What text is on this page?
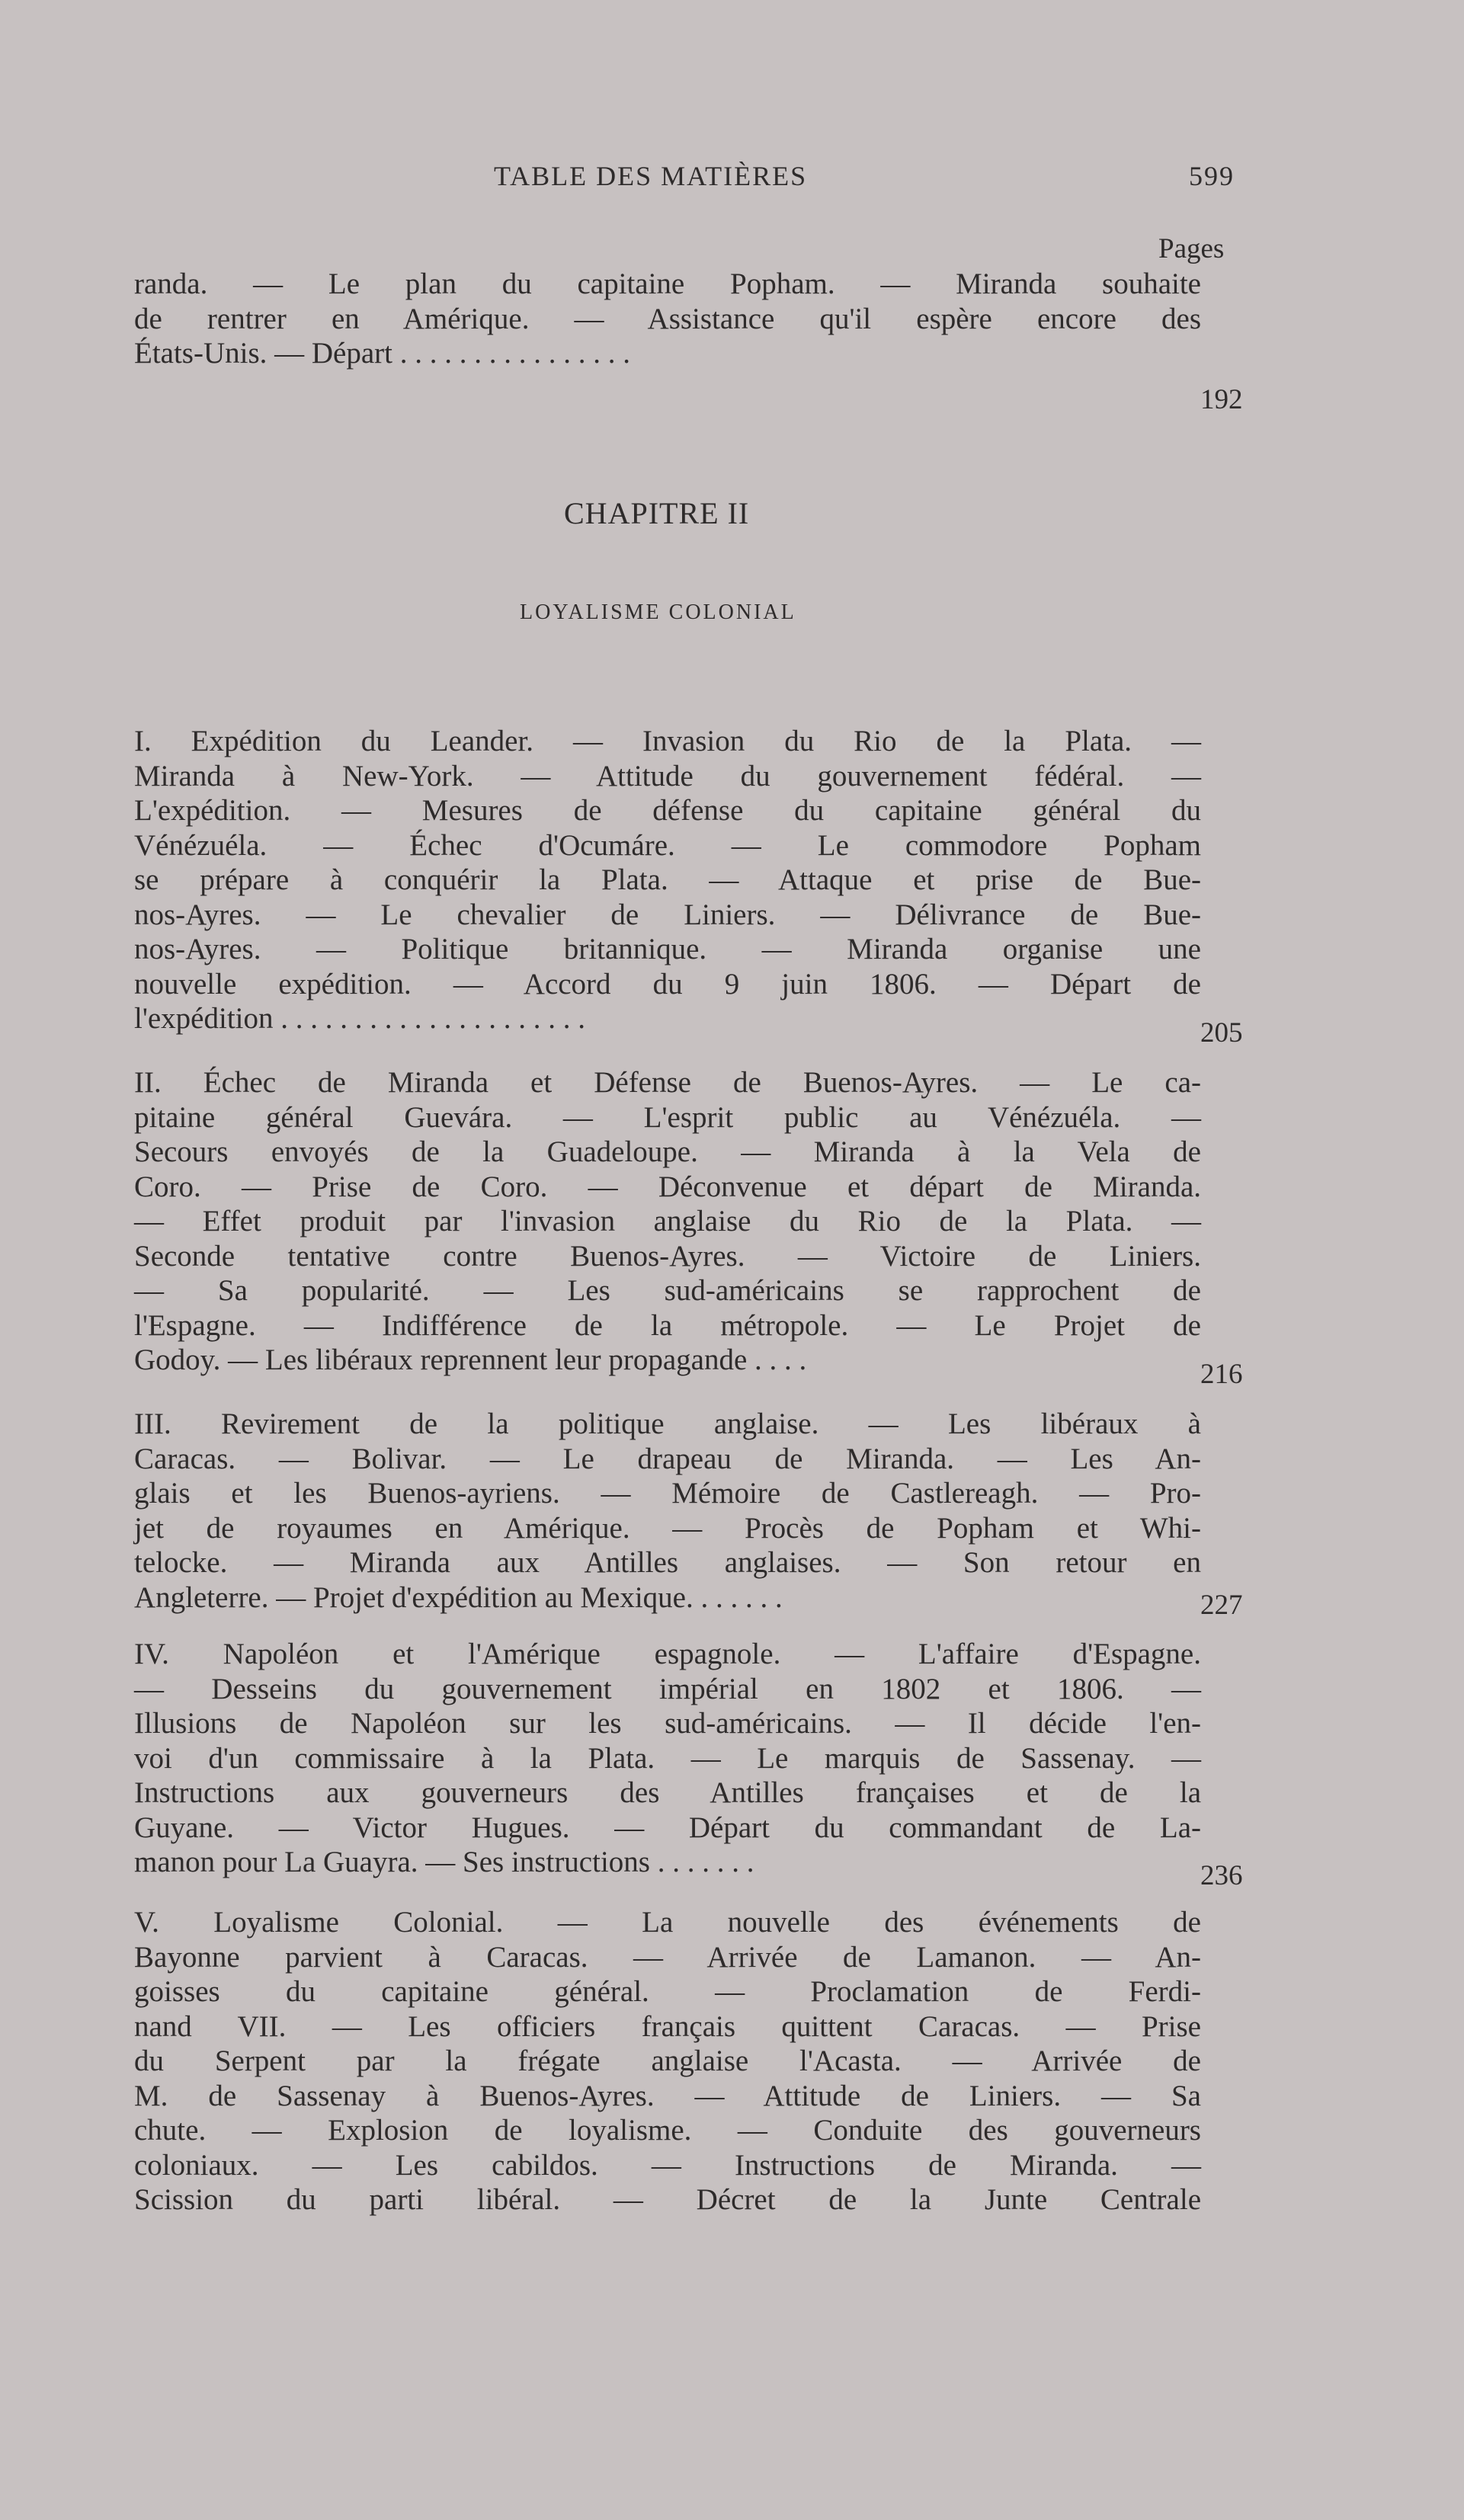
TABLE DES MATIÈRES	599
Pages
randa. — Le plan du capitaine Popham. — Miranda souhaite
de rentrer en Amérique. — Assistance qu'il espère encore des
États-Unis. — Départ . . . . . . . . . . . . . . . .
192
CHAPITRE II
LOYALISME COLONIAL
I. Expédition du Leander. — Invasion du Rio de la Plata. —
Miranda à New-York. — Attitude du gouvernement fédéral. —
L'expédition. — Mesures de défense du capitaine général du
Vénézuéla. — Échec d'Ocumáre. — Le commodore Popham
se prépare à conquérir la Plata. — Attaque et prise de Bue-
nos-Ayres. — Le chevalier de Liniers. — Délivrance de Bue-
nos-Ayres. — Politique britannique. — Miranda organise une
nouvelle expédition. — Accord du 9 juin 1806. — Départ de
l'expédition . . . . . . . . . . . . . . . . . . . . .	205
II. Échec de Miranda et Défense de Buenos-Ayres. — Le ca-
pitaine général Guevára. — L'esprit public au Vénézuéla. —
Secours envoyés de la Guadeloupe. — Miranda à la Vela de
Coro. — Prise de Coro. — Déconvenue et départ de Miranda.
— Effet produit par l'invasion anglaise du Rio de la Plata. —
Seconde tentative contre Buenos-Ayres. — Victoire de Liniers.
— Sa popularité. — Les sud-américains se rapprochent de
l'Espagne. — Indifférence de la métropole. — Le Projet de
Godoy. — Les libéraux reprennent leur propagande . . . .	216
III. Revirement de la politique anglaise. — Les libéraux à
Caracas. — Bolivar. — Le drapeau de Miranda. — Les An-
glais et les Buenos-ayriens. — Mémoire de Castlereagh. — Pro-
jet de royaumes en Amérique. — Procès de Popham et Whi-
telocke. — Miranda aux Antilles anglaises. — Son retour en
Angleterre. — Projet d'expédition au Mexique. . . . . . .	227
IV. Napoléon et l'Amérique espagnole. — L'affaire d'Espagne.
— Desseins du gouvernement impérial en 1802 et 1806. —
Illusions de Napoléon sur les sud-américains. — Il décide l'en-
voi d'un commissaire à la Plata. — Le marquis de Sassenay. —
Instructions aux gouverneurs des Antilles françaises et de la
Guyane. — Victor Hugues. — Départ du commandant de La-
manon pour La Guayra. — Ses instructions . . . . . . .	236
V. Loyalisme Colonial. — La nouvelle des événements de
Bayonne parvient à Caracas. — Arrivée de Lamanon. — An-
goisses du capitaine général. — Proclamation de Ferdi-
nand VII. — Les officiers français quittent Caracas. — Prise
du Serpent par la frégate anglaise l'Acasta. — Arrivée de
M. de Sassenay à Buenos-Ayres. — Attitude de Liniers. — Sa
chute. — Explosion de loyalisme. — Conduite des gouverneurs
coloniaux. — Les cabildos. — Instructions de Miranda. —
Scission du parti libéral. — Décret de la Junte Centrale
